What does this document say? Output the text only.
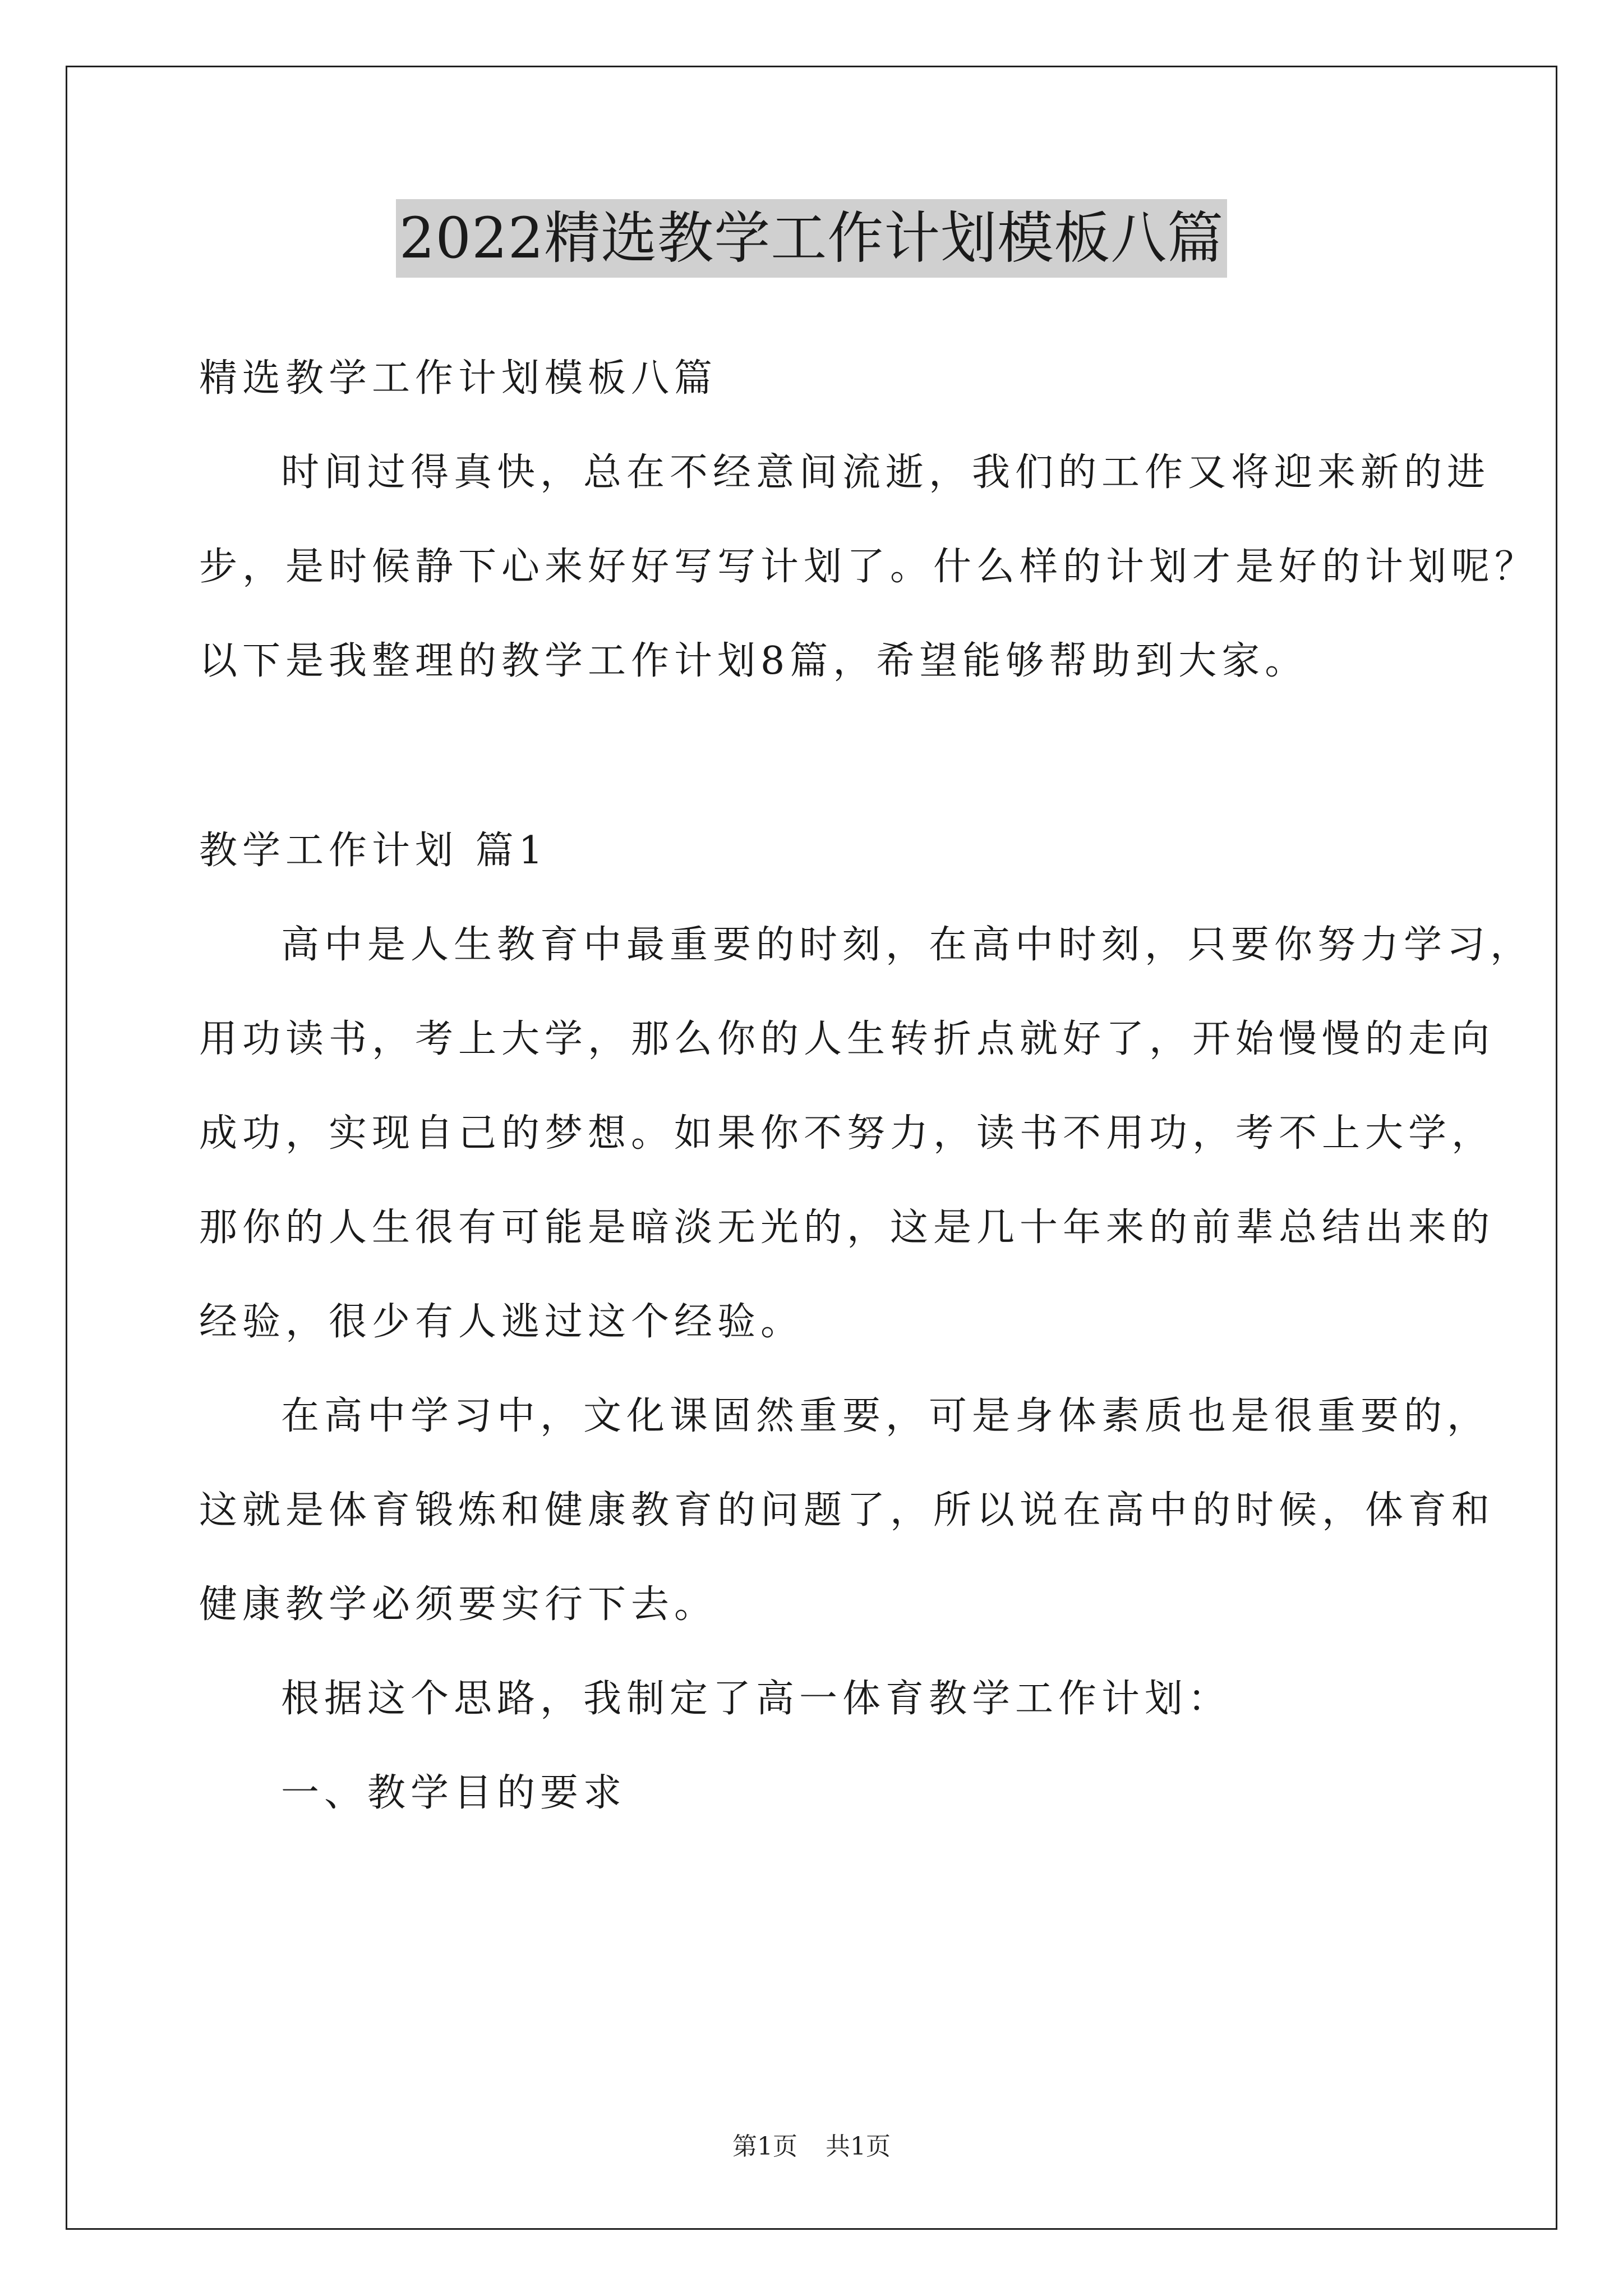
2022精选教学工作计划模板八篇
精选教学工作计划模板八篇
时间过得真快，总在不经意间流逝，我们的工作又将迎来新的进
步，是时候静下心来好好写写计划了。什么样的计划才是好的计划呢？
以下是我整理的教学工作计划8篇，希望能够帮助到大家。
教学工作计划 篇1
高中是人生教育中最重要的时刻，在高中时刻，只要你努力学习，
用功读书，考上大学，那么你的人生转折点就好了，开始慢慢的走向
成功，实现自己的梦想。如果你不努力，读书不用功，考不上大学，
那你的人生很有可能是暗淡无光的，这是几十年来的前辈总结出来的
经验，很少有人逃过这个经验。
在高中学习中，文化课固然重要，可是身体素质也是很重要的，
这就是体育锻炼和健康教育的问题了，所以说在高中的时候，体育和
健康教学必须要实行下去。
根据这个思路，我制定了高一体育教学工作计划：
一、教学目的要求
第1页 共1页
